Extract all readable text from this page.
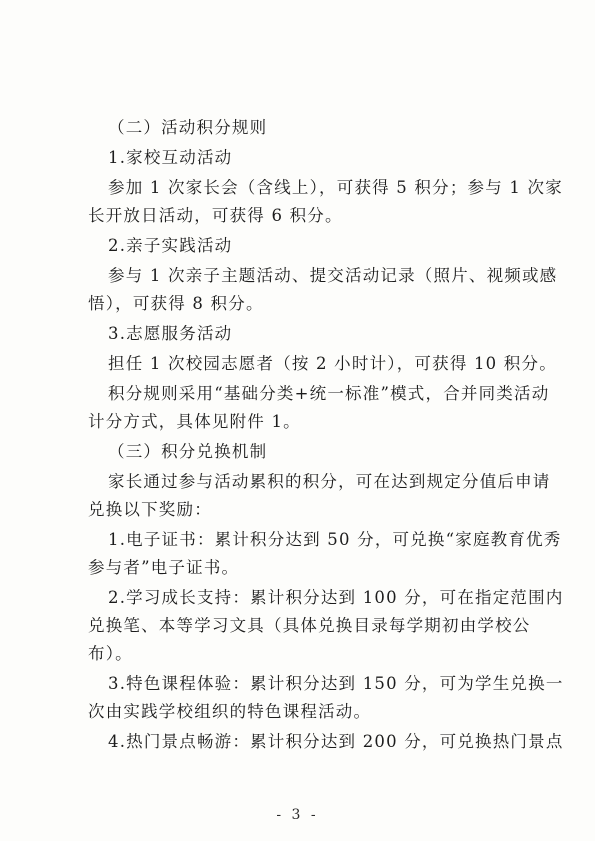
（二）活动积分规则
1.家校互动活动
参加 1 次家长会（含线上），可获得 5 积分；参与 1 次家
长开放日活动，可获得 6 积分。
2.亲子实践活动
参与 1 次亲子主题活动、提交活动记录（照片、视频或感
悟），可获得 8 积分。
3.志愿服务活动
担任 1 次校园志愿者（按 2 小时计），可获得 10 积分。
积分规则采用“基础分类+统一标准”模式，合并同类活动
计分方式，具体见附件 1。
（三）积分兑换机制
家长通过参与活动累积的积分，可在达到规定分值后申请
兑换以下奖励：
1.电子证书：累计积分达到 50 分，可兑换“家庭教育优秀
参与者”电子证书。
2.学习成长支持：累计积分达到 100 分，可在指定范围内
兑换笔、本等学习文具（具体兑换目录每学期初由学校公
布）。
3.特色课程体验：累计积分达到 150 分，可为学生兑换一
次由实践学校组织的特色课程活动。
4.热门景点畅游：累计积分达到 200 分，可兑换热门景点
- 3 -
